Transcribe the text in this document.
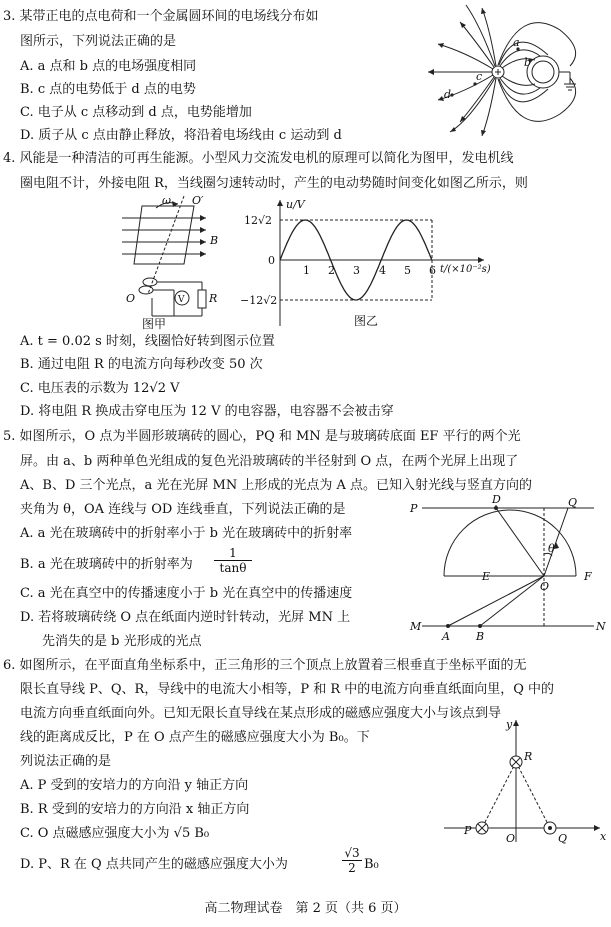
3. 某带正电的点电荷和一个金属圆环间的电场线分布如
图所示，下列说法正确的是
A. a 点和 b 点的电场强度相同
B. c 点的电势低于 d 点的电势
C. 电子从 c 点移动到 d 点，电势能增加
D. 质子从 c 点由静止释放，将沿着电场线由 c 运动到 d
a
b
c
d
4. 风能是一种清洁的可再生能源。小型风力交流发电机的原理可以简化为图甲，发电机线
圈电阻不计，外接电阻 R，当线圈匀速转动时，产生的电动势随时间变化如图乙所示，则
ω O′
B
V R
O
图甲
u/V
t/(×10⁻²s)
12√2
−12√2
0
1 2 3 4 5 6
图乙
A. t = 0.02 s 时刻，线圈恰好转到图示位置
B. 通过电阻 R 的电流方向每秒改变 50 次
C. 电压表的示数为 12√2 V
D. 将电阻 R 换成击穿电压为 12 V 的电容器，电容器不会被击穿
5. 如图所示，O 点为半圆形玻璃砖的圆心，PQ 和 MN 是与玻璃砖底面 EF 平行的两个光
屏。由 a、b 两种单色光组成的复色光沿玻璃砖的半径射到 O 点，在两个光屏上出现了
A、B、D 三个光点，a 光在光屏 MN 上形成的光点为 A 点。已知入射光线与竖直方向的
夹角为 θ，OA 连线与 OD 连线垂直，下列说法正确的是
A. a 光在玻璃砖中的折射率小于 b 光在玻璃砖中的折射率
B. a 光在玻璃砖中的折射率为 $\frac{1}{\tan\theta}$
C. a 光在真空中的传播速度小于 b 光在真空中的传播速度
D. 若将玻璃砖绕 O 点在纸面内逆时针转动，光屏 MN 上
先消失的是 b 光形成的光点
P
D	Q
θ
E
O
F
M
A B
N
6. 如图所示，在平面直角坐标系中，正三角形的三个顶点上放置着三根垂直于坐标平面的无
限长直导线 P、Q、R，导线中的电流大小相等，P 和 R 中的电流方向垂直纸面向里，Q 中的
电流方向垂直纸面向外。已知无限长直导线在某点形成的磁感应强度大小与该点到导
线的距离成反比，P 在 O 点产生的磁感应强度大小为 B₀。下
列说法正确的是
A. P 受到的安培力的方向沿 y 轴正方向
B. R 受到的安培力的方向沿 x 轴正方向
C. O 点磁感应强度大小为 √5 B₀
D. P、R 在 Q 点共同产生的磁感应强度大小为	$\frac{√3}{2} B_0$
y
R
P
O	Q	x
高二物理试卷　第 2 页（共 6 页）
